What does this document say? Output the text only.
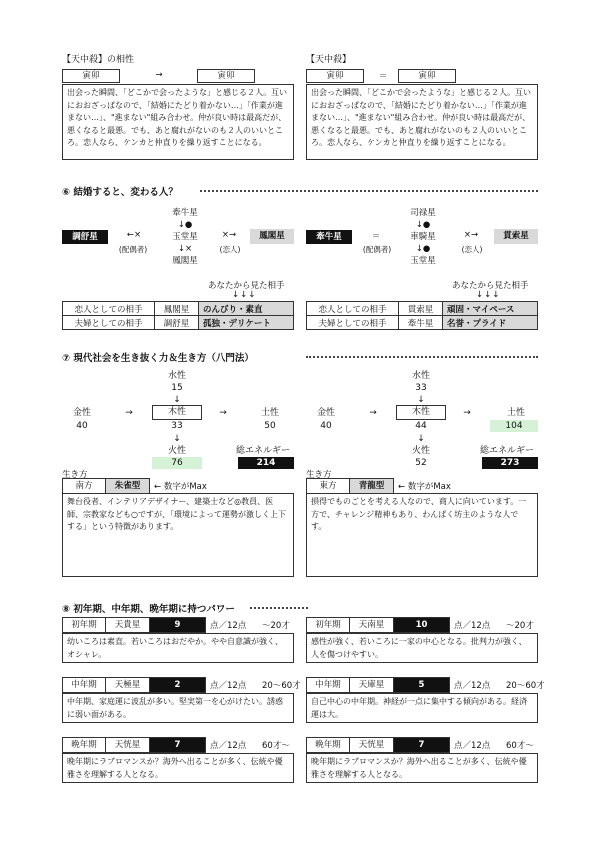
【天中殺】の相性
寅卯	→	寅卯
出会った瞬間、「どこかで会ったような」と感じる２人。互いにおおざっぱなので、「結婚にたどり着かない…」「作業が進まない…」、"進まない"組み合わせ。仲が良い時は最高だが、悪くなると最悪。でも、あと腐れがないのも２人のいいところ。恋人なら、ケンカと仲直りを繰り返すことになる。
【天中殺】
寅卯	＝	寅卯
出会った瞬間、「どこかで会ったような」と感じる２人。互いにおおざっぱなので、「結婚にたどり着かない…」「作業が進まない…」、"進まない"組み合わせ。仲が良い時は最高だが、悪くなると最悪。でも、あと腐れがないのも２人のいいところ。恋人なら、ケンカと仲直りを繰り返すことになる。
⑥ 結婚すると、変わる人？
調舒星	←×
(配偶者)
牽牛星
↓●
玉堂星
↓×
鳳閣星
×→
(恋人)
鳳閣星
あなたから見た相手
↓↓↓
恋人としての相手	鳳閣星	のんびり・素直
夫婦としての相手	調舒星	孤独・デリケート
牽牛星	＝
(配偶者)
司禄星
↓●
車騎星
↓●
玉堂星
×→
(恋人)
貫索星
あなたから見た相手
↓↓↓
恋人としての相手	貫索星	頑固・マイペース
夫婦としての相手	牽牛星	名誉・プライド
⑦ 現代社会を生き抜く力＆生き方（八門法）
水性
15
↓
金性
40
→	木性
33
→	土性
50
↓
火性
76
総エネルギー
214
生き方
南方	朱雀型	← 数字がMax
舞台役者、インテリアデザイナー、建築士など◎教員、医師、宗教家なども○ですが、「環境によって運勢が激しく上下する」という特徴があります。
水性
33
↓
金性
40
→	木性
44
→	土性
104
↓
火性
52
総エネルギー
273
生き方
東方	青龍型	← 数字がMax
損得でものごとを考える人なので、商人に向いています。一方で、チャレンジ精神もあり、わんぱく坊主のような人です。
⑧ 初年期、中年期、晩年期に持つパワー
初年期	天貴星	9	点／12点	〜20才
幼いころは素直。若いころはおだやか。やや自意識が強く、オシャレ。
中年期	天極星	2	点／12点	20〜60才
中年期、家庭運に波乱が多い。堅実第一を心がけたい。誘惑に弱い面がある。
晩年期	天恍星	7	点／12点	60才〜
晩年期にラブロマンスか？海外へ出ることが多く、伝統や優雅さを理解する人となる。
初年期	天南星	10	点／12点	〜20才
感性が強く、若いころに一家の中心となる。批判力が強く、人を傷つけやすい。
中年期	天庫星	5	点／12点	20〜60才
自己中心の中年期。神経が一点に集中する傾向がある。経済運は大。
晩年期	天恍星	7	点／12点	60才〜
晩年期にラブロマンスか？海外へ出ることが多く、伝統や優雅さを理解する人となる。
